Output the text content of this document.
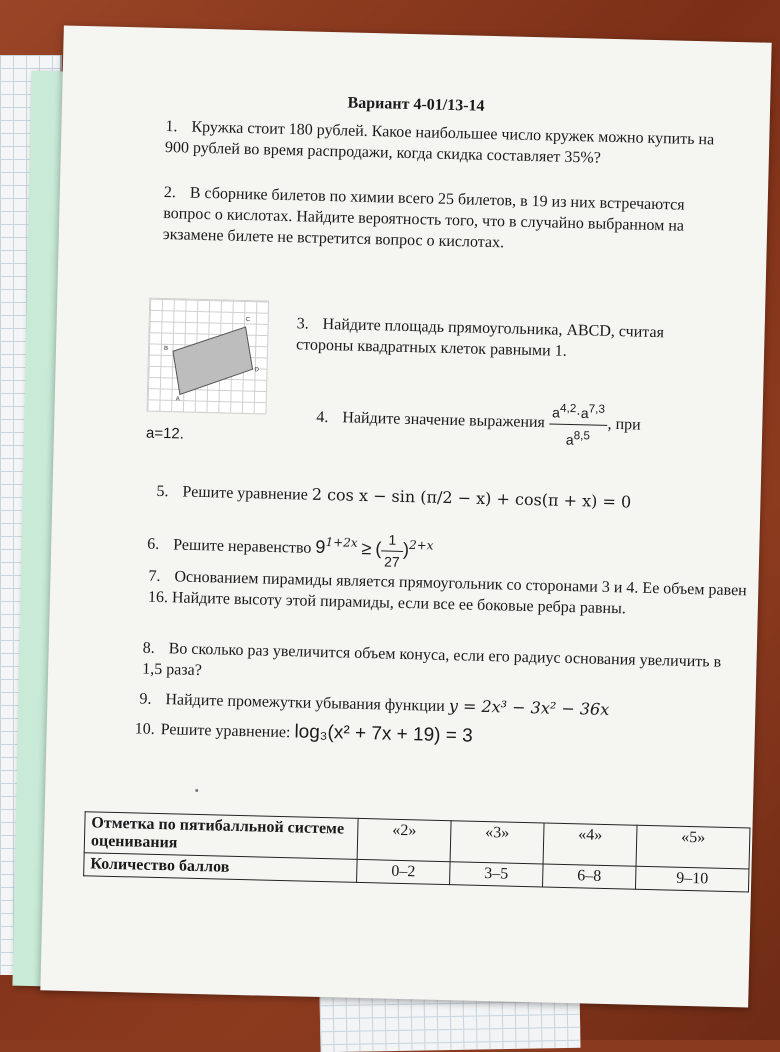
Вариант 4-01/13-14
1. Кружка стоит 180 рублей. Какое наибольшее число кружек можно купить на 900 рублей во время распродажи, когда скидка составляет 35%?
2. В сборнике билетов по химии всего 25 билетов, в 19 из них встречаются вопрос о кислотах. Найдите вероятность того, что в случайно выбранном на экзамене билете не встретится вопрос о кислотах.
B
C
D
A
3. Найдите площадь прямоугольника, ABCD, считая стороны квадратных клеток равными 1.
4. Найдите значение выражения $\frac{a^{4,2}\cdot a^{7,3}}{a^{8,5}}$ , при
a=12.
5. Решите уравнение 2 cos x − sin (π/2 − x) + cos(π + x) = 0
6. Решите неравенство $9^{1+2x}$ ≥ ( $\frac{1}{27} )^{2+x}$
7. Основанием пирамиды является прямоугольник со сторонами 3 и 4. Ее объем равен 16. Найдите высоту этой пирамиды, если все ее боковые ребра равны.
8. Во сколько раз увеличится объем конуса, если его радиус основания увеличить в 1,5 раза?
9. Найдите промежутки убывания функции y = 2x³ − 3x² − 36x
10. Решите уравнение: log₃(x² + 7x + 19) = 3
Отметка по пятибалльной системе оценивания	«2»	«3»	«4»	«5»
Количество баллов	0–2	3–5	6–8	9–10
